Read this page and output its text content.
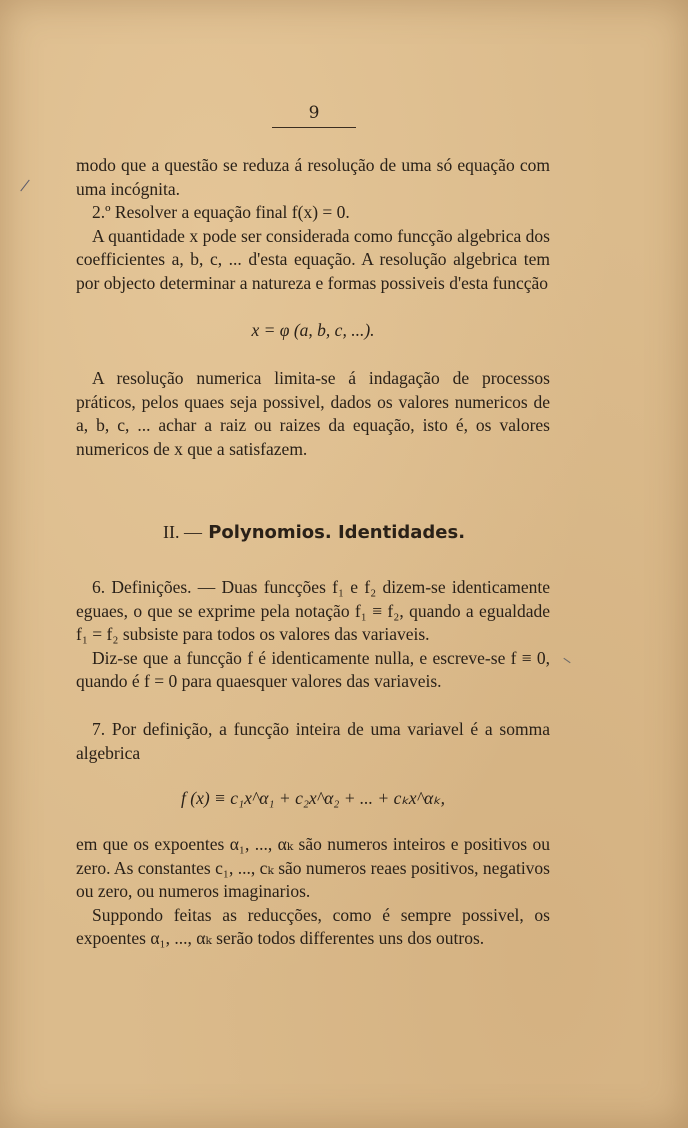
9

modo que a questão se reduza á resolução de uma só equação com uma incógnita.

2.º Resolver a equação final f(x) = 0.

A quantidade x pode ser considerada como funcção algebrica dos coefficientes a, b, c, ... d'esta equação. A resolução algebrica tem por objecto determinar a natureza e formas possiveis d'esta funcção

x = φ (a, b, c, ...).

A resolução numerica limita-se á indagação de processos práticos, pelos quaes seja possivel, dados os valores numericos de a, b, c, ... achar a raiz ou raizes da equação, isto é, os valores numericos de x que a satisfazem.

II. — Polynomios. Identidades.

6. Definições. — Duas funcções f₁ e f₂ dizem-se identicamente eguaes, o que se exprime pela notação f₁ ≡ f₂, quando a egualdade f₁ = f₂ subsiste para todos os valores das variaveis.

Diz-se que a funcção f é identicamente nulla, e escreve-se f ≡ 0, quando é f = 0 para quaesquer valores das variaveis.

7. Por definição, a funcção inteira de uma variavel é a somma algebrica

f (x) ≡ c₁x^α₁ + c₂x^α₂ + ... + cₖx^αₖ,

em que os expoentes α₁, ..., αₖ são numeros inteiros e positivos ou zero. As constantes c₁, ..., cₖ são numeros reaes positivos, negativos ou zero, ou numeros imaginarios.

Suppondo feitas as reducções, como é sempre possivel, os expoentes α₁, ..., αₖ serão todos differentes uns dos outros.
